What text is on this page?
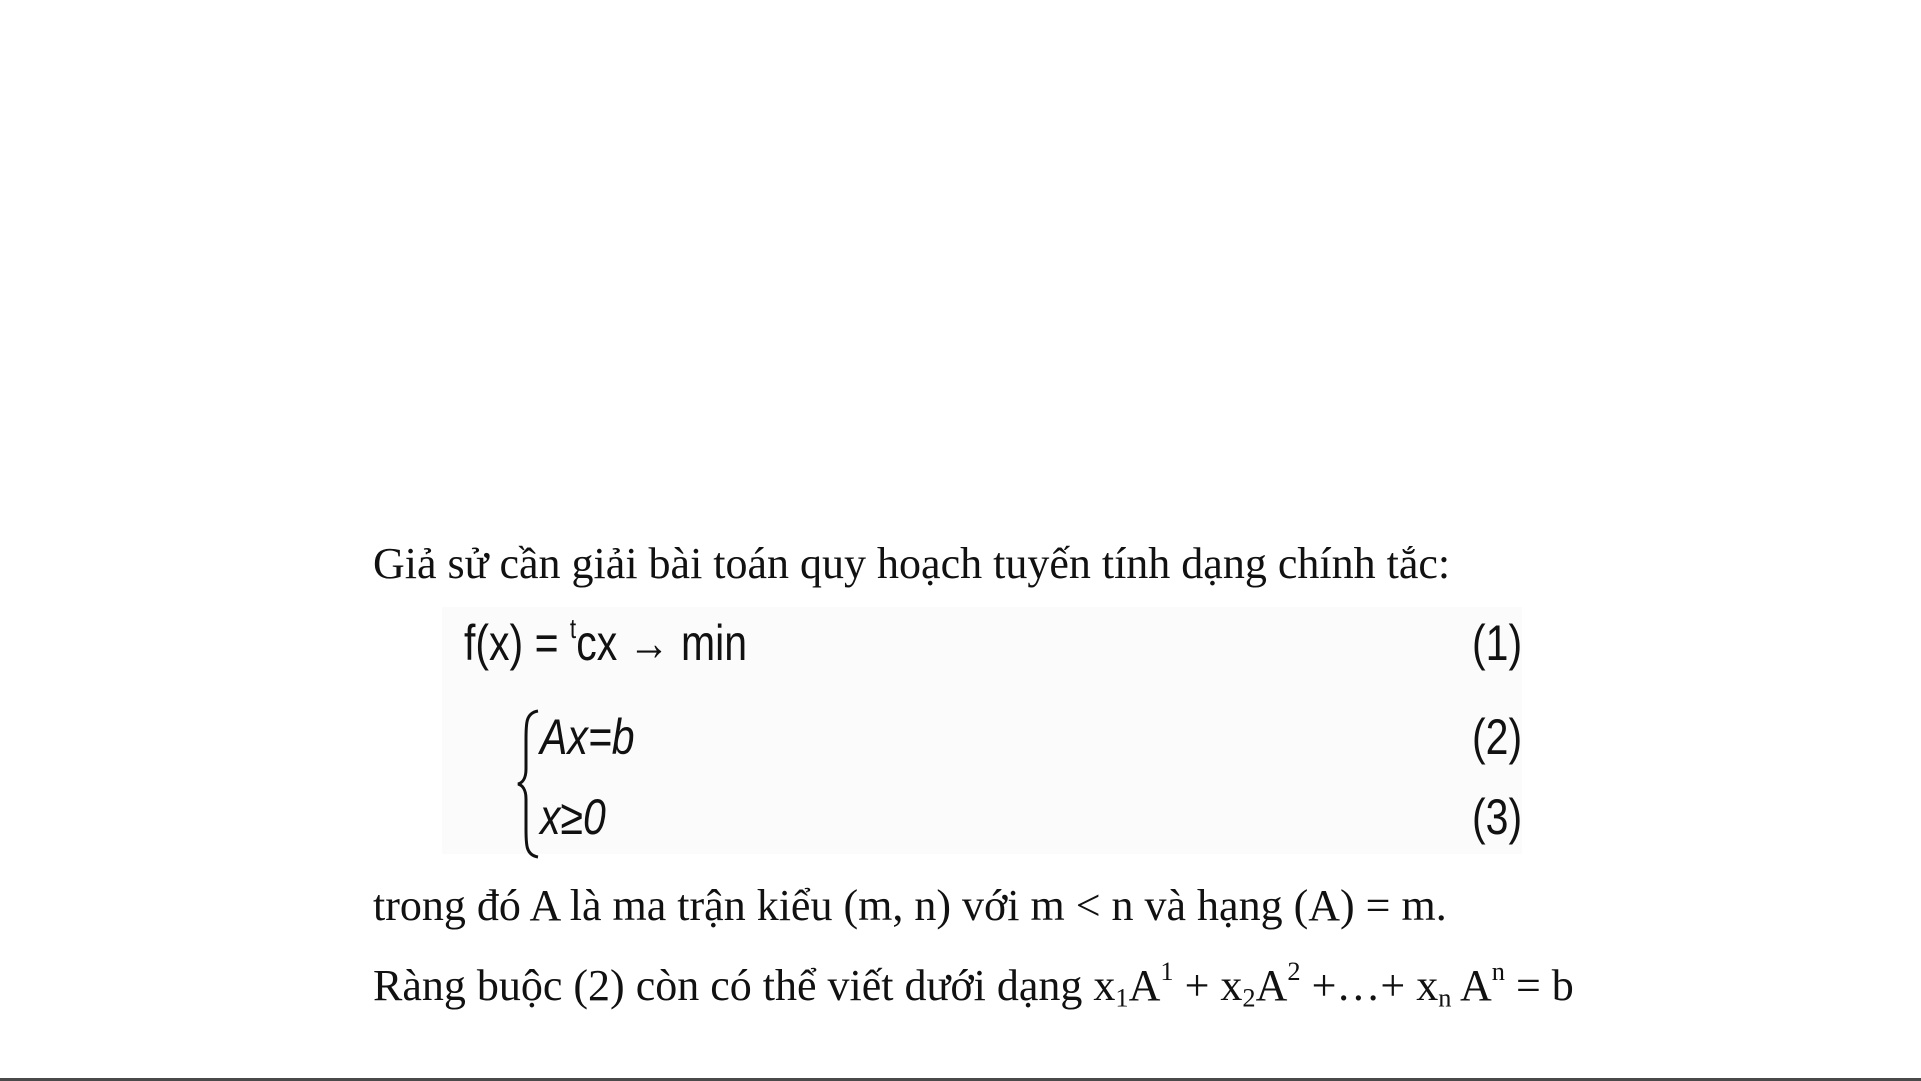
Giả sử cần giải bài toán quy hoạch tuyến tính dạng chính tắc:
f(x) = $^t$cx → min	(1)
Ax=b	(2)
x≥0	(3)
trong đó A là ma trận kiểu (m, n) với m < n và hạng (A) = m.
Ràng buộc (2) còn có thể viết dưới dạng $x_1A^1 + x_2A^2$ +…+ $x_n$ $A^n = b$
